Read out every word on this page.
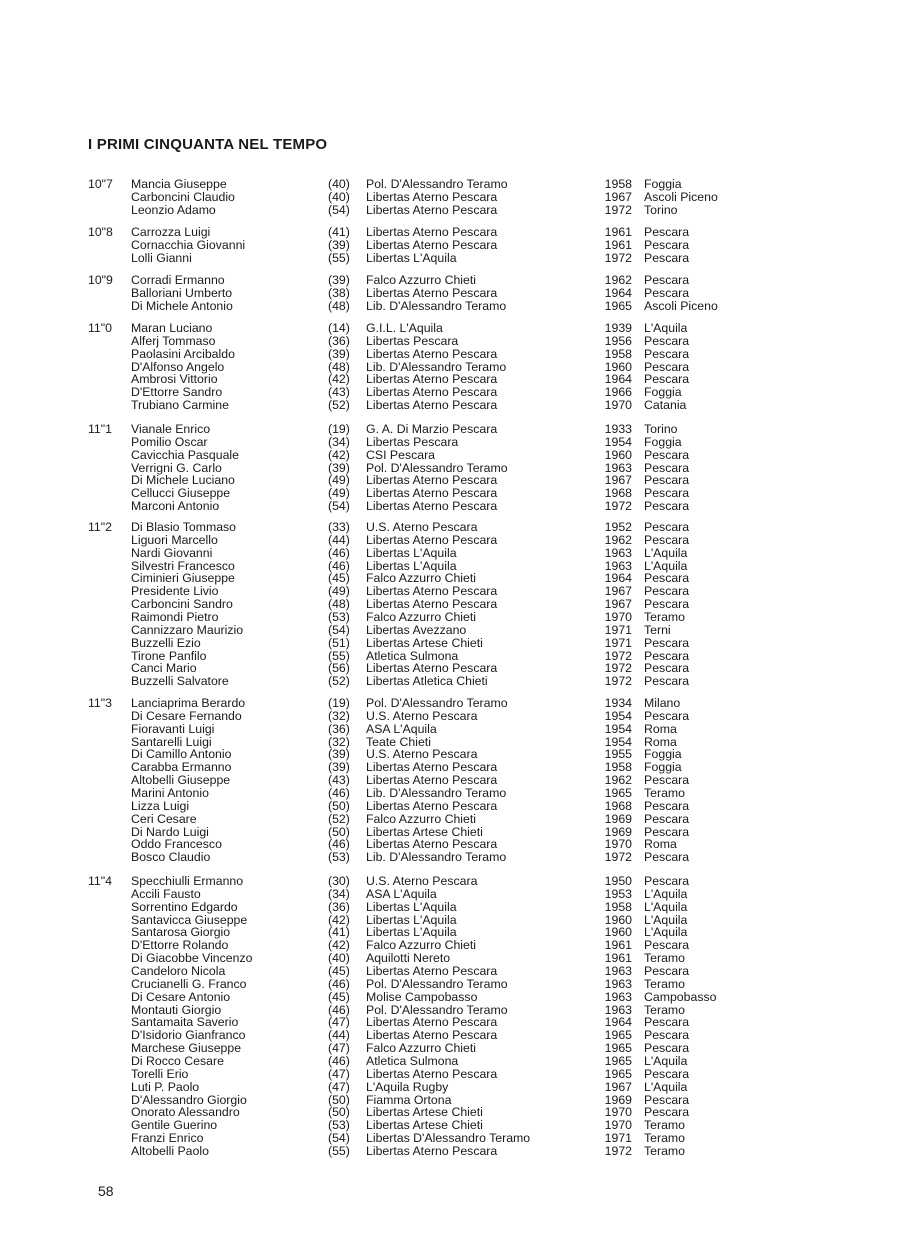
I PRIMI CINQUANTA NEL TEMPO
10"7 Mancia Giuseppe	(40) Pol. D'Alessandro Teramo	1958 Foggia
Carboncini Claudio	(40) Libertas Aterno Pescara	1967 Ascoli Piceno
Leonzio Adamo	(54) Libertas Aterno Pescara	1972 Torino
10"8 Carrozza Luigi	(41) Libertas Aterno Pescara	1961 Pescara
Cornacchia Giovanni	(39) Libertas Aterno Pescara	1961 Pescara
Lolli Gianni	(55) Libertas L'Aquila	1972 Pescara
10"9 Corradi Ermanno	(39) Falco Azzurro Chieti	1962 Pescara
Balloriani Umberto	(38) Libertas Aterno Pescara	1964 Pescara
Di Michele Antonio	(48) Lib. D'Alessandro Teramo	1965 Ascoli Piceno
11"0 Maran Luciano	(14) G.I.L. L'Aquila	1939 L'Aquila
Alferj Tommaso	(36) Libertas Pescara	1956 Pescara
Paolasini Arcibaldo	(39) Libertas Aterno Pescara	1958 Pescara
D'Alfonso Angelo	(48) Lib. D'Alessandro Teramo	1960 Pescara
Ambrosi Vittorio	(42) Libertas Aterno Pescara	1964 Pescara
D'Ettorre Sandro	(43) Libertas Aterno Pescara	1966 Foggia
Trubiano Carmine	(52) Libertas Aterno Pescara	1970 Catania
11"1 Vianale Enrico	(19) G. A. Di Marzio Pescara	1933 Torino
Pomilio Oscar	(34) Libertas Pescara	1954 Foggia
Cavicchia Pasquale	(42) CSI Pescara	1960 Pescara
Verrigni G. Carlo	(39) Pol. D'Alessandro Teramo	1963 Pescara
Di Michele Luciano	(49) Libertas Aterno Pescara	1967 Pescara
Cellucci Giuseppe	(49) Libertas Aterno Pescara	1968 Pescara
Marconi Antonio	(54) Libertas Aterno Pescara	1972 Pescara
11"2 Di Blasio Tommaso	(33) U.S. Aterno Pescara	1952 Pescara
Liguori Marcello	(44) Libertas Aterno Pescara	1962 Pescara
Nardi Giovanni	(46) Libertas L'Aquila	1963 L'Aquila
Silvestri Francesco	(46) Libertas L'Aquila	1963 L'Aquila
Ciminieri Giuseppe	(45) Falco Azzurro Chieti	1964 Pescara
Presidente Livio	(49) Libertas Aterno Pescara	1967 Pescara
Carboncini Sandro	(48) Libertas Aterno Pescara	1967 Pescara
Raimondi Pietro	(53) Falco Azzurro Chieti	1970 Teramo
Cannizzaro Maurizio	(54) Libertas Avezzano	1971 Terni
Buzzelli Ezio	(51) Libertas Artese Chieti	1971 Pescara
Tirone Panfilo	(55) Atletica Sulmona	1972 Pescara
Canci Mario	(56) Libertas Aterno Pescara	1972 Pescara
Buzzelli Salvatore	(52) Libertas Atletica Chieti	1972 Pescara
11"3 Lanciaprima Berardo	(19) Pol. D'Alessandro Teramo	1934 Milano
Di Cesare Fernando	(32) U.S. Aterno Pescara	1954 Pescara
Fioravanti Luigi	(36) ASA L'Aquila	1954 Roma
Santarelli Luigi	(32) Teate Chieti	1954 Roma
Di Camillo Antonio	(39) U.S. Aterno Pescara	1955 Foggia
Carabba Ermanno	(39) Libertas Aterno Pescara	1958 Foggia
Altobelli Giuseppe	(43) Libertas Aterno Pescara	1962 Pescara
Marini Antonio	(46) Lib. D'Alessandro Teramo	1965 Teramo
Lizza Luigi	(50) Libertas Aterno Pescara	1968 Pescara
Ceri Cesare	(52) Falco Azzurro Chieti	1969 Pescara
Di Nardo Luigi	(50) Libertas Artese Chieti	1969 Pescara
Oddo Francesco	(46) Libertas Aterno Pescara	1970 Roma
Bosco Claudio	(53) Lib. D'Alessandro Teramo	1972 Pescara
11"4 Specchiulli Ermanno	(30) U.S. Aterno Pescara	1950 Pescara
Accili Fausto	(34) ASA L'Aquila	1953 L'Aquila
Sorrentino Edgardo	(36) Libertas L'Aquila	1958 L'Aquila
Santavicca Giuseppe	(42) Libertas L'Aquila	1960 L'Aquila
Santarosa Giorgio	(41) Libertas L'Aquila	1960 L'Aquila
D'Ettorre Rolando	(42) Falco Azzurro Chieti	1961 Pescara
Di Giacobbe Vincenzo	(40) Aquilotti Nereto	1961 Teramo
Candeloro Nicola	(45) Libertas Aterno Pescara	1963 Pescara
Crucianelli G. Franco	(46) Pol. D'Alessandro Teramo	1963 Teramo
Di Cesare Antonio	(45) Molise Campobasso	1963 Campobasso
Montauti Giorgio	(46) Pol. D'Alessandro Teramo	1963 Teramo
Santamaita Saverio	(47) Libertas Aterno Pescara	1964 Pescara
D'Isidorio Gianfranco	(44) Libertas Aterno Pescara	1965 Pescara
Marchese Giuseppe	(47) Falco Azzurro Chieti	1965 Pescara
Di Rocco Cesare	(46) Atletica Sulmona	1965 L'Aquila
Torelli Erio	(47) Libertas Aterno Pescara	1965 Pescara
Luti P. Paolo	(47) L'Aquila Rugby	1967 L'Aquila
D'Alessandro Giorgio	(50) Fiamma Ortona	1969 Pescara
Onorato Alessandro	(50) Libertas Artese Chieti	1970 Pescara
Gentile Guerino	(53) Libertas Artese Chieti	1970 Teramo
Franzi Enrico	(54) Libertas D'Alessandro Teramo	1971 Teramo
Altobelli Paolo	(55) Libertas Aterno Pescara	1972 Teramo
58
